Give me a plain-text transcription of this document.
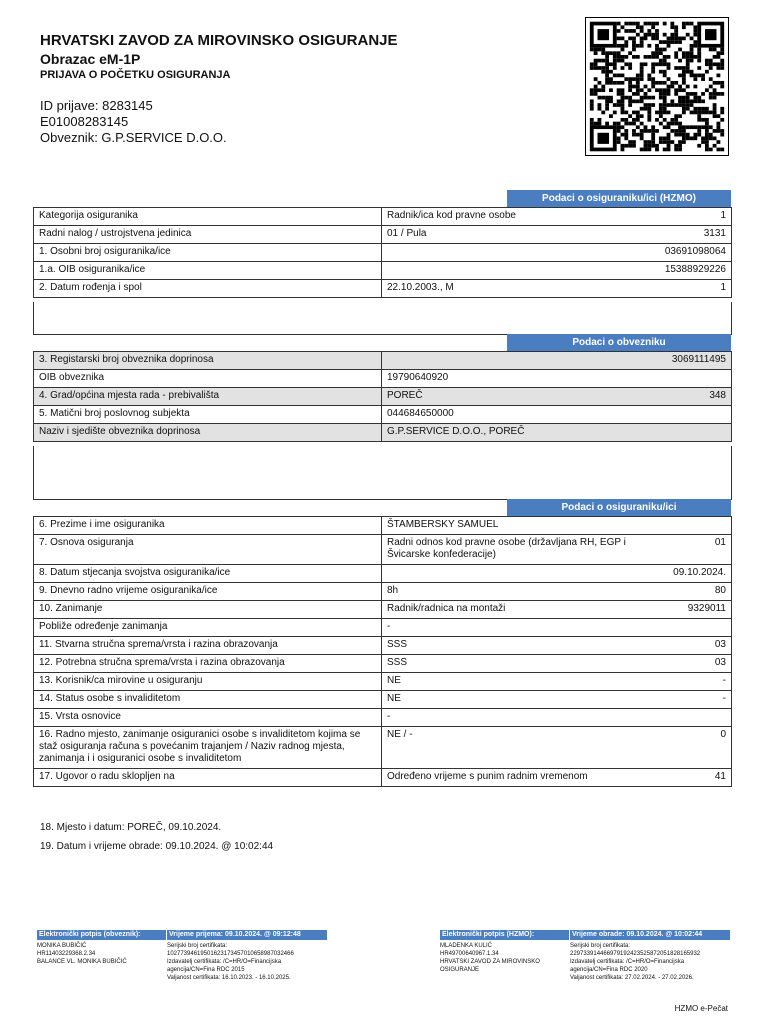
HRVATSKI ZAVOD ZA MIROVINSKO OSIGURANJE
Obrazac eM-1P
PRIJAVA O POČETKU OSIGURANJA
ID prijave: 8283145
E01008283145
Obveznik: G.P.SERVICE D.O.O.
Podaci o osiguraniku/ici (HZMO)
Kategorija osiguranika	Radnik/ica kod pravne osobe	1
Radni nalog / ustrojstvena jedinica	01 / Pula	3131
1. Osobni broj osiguranika/ice		03691098064
1.a. OIB osiguranika/ice		15388929226
2. Datum rođenja i spol	22.10.2003., M	1
Podaci o obvezniku
3. Registarski broj obveznika doprinosa		3069111495
OIB obveznika	19790640920	
4. Grad/općina mjesta rada - prebivališta	POREČ	348
5. Matični broj poslovnog subjekta	044684650000	
Naziv i sjedište obveznika doprinosa	G.P.SERVICE D.O.O., POREČ	
Podaci o osiguraniku/ici
6. Prezime i ime osiguranika	ŠTAMBERSKY SAMUEL	
7. Osnova osiguranja	Radni odnos kod pravne osobe (državljana RH, EGP i Švicarske konfederacije)	01
8. Datum stjecanja svojstva osiguranika/ice		09.10.2024.
9. Dnevno radno vrijeme osiguranika/ice	8h	80
10. Zanimanje	Radnik/radnica na montaži	9329011
Pobliže određenje zanimanja	-	
11. Stvarna stručna sprema/vrsta i razina obrazovanja	SSS	03
12. Potrebna stručna sprema/vrsta i razina obrazovanja	SSS	03
13. Korisnik/ca mirovine u osiguranju	NE	-
14. Status osobe s invaliditetom	NE	-
15. Vrsta osnovice	-	
16. Radno mjesto, zanimanje osiguranici osobe s invaliditetom kojima se staž osiguranja računa s povećanim trajanjem / Naziv radnog mjesta, zanimanja i i osiguranici osobe s invaliditetom	NE / -	0
17. Ugovor o radu sklopljen na	Određeno vrijeme s punim radnim vremenom	41
18. Mjesto i datum: POREČ, 09.10.2024.
19. Datum i vrijeme obrade: 09.10.2024. @ 10:02:44
Elektronički potpis (obveznik):	Vrijeme prijema: 09.10.2024. @ 09:12:48
MONIKA BUBIČIĆ
HR11403229368.2.34
BALANCE VL. MONIKA BUBIČIĆ
Serijski broj certifikata:
10277394619501623173457010658987032466
Izdavatelj certifikata: /C=HR/O=Financijska agencija/CN=Fina RDC 2015
Valjanost certifikata: 16.10.2023. - 16.10.2025.
Elektronički potpis (HZMO):	Vrijeme obrade: 09.10.2024. @ 10:02:44
MLADENKA KULIĆ
HR49700640967.1.34
HRVATSKI ZAVOD ZA MIROVINSKO OSIGURANJE
Serijski broj certifikata:
229733914466979192423525872051828165932
Izdavatelj certifikata: /C=HR/O=Financijska agencija/CN=Fina RDC 2020
Valjanost certifikata: 27.02.2024. - 27.02.2026.
HZMO e-Pečat
